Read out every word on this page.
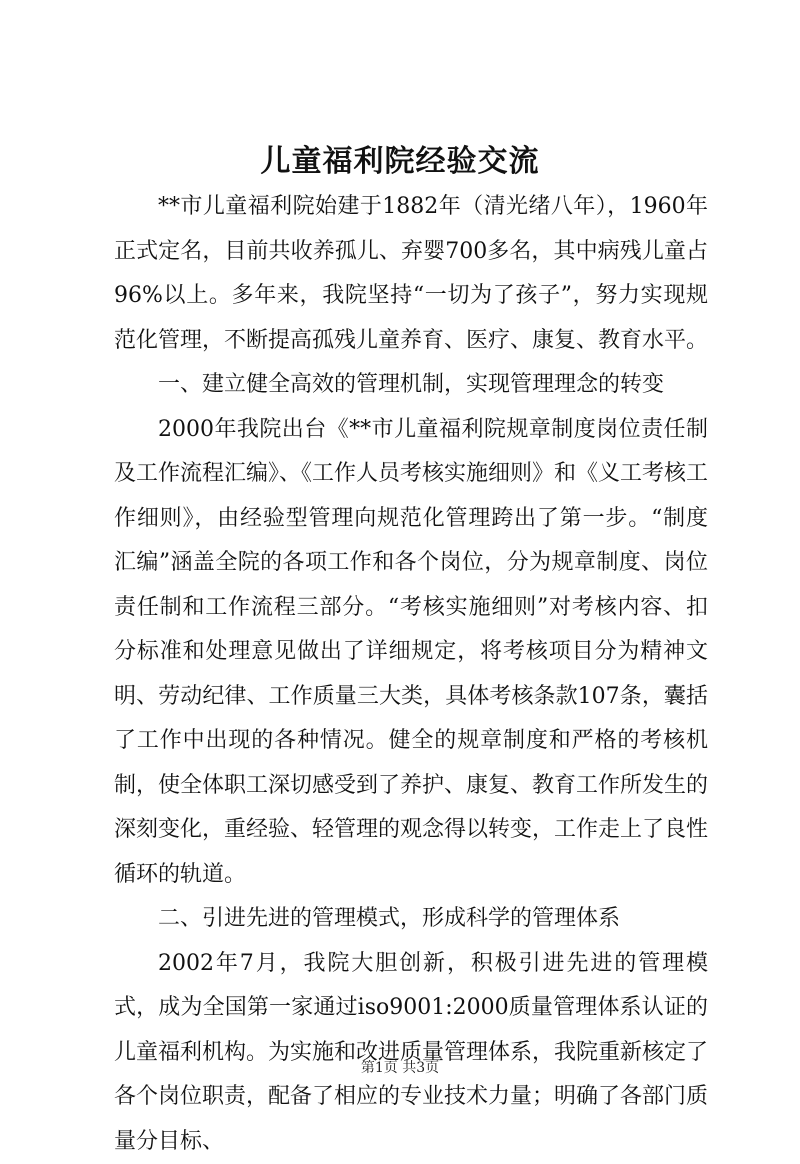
儿童福利院经验交流

**市儿童福利院始建于1882年（清光绪八年），1960年正式定名，目前共收养孤儿、弃婴700多名，其中病残儿童占96%以上。多年来，我院坚持“一切为了孩子”，努力实现规范化管理，不断提高孤残儿童养育、医疗、康复、教育水平。

一、建立健全高效的管理机制，实现管理理念的转变

2000年我院出台《**市儿童福利院规章制度岗位责任制及工作流程汇编》、《工作人员考核实施细则》和《义工考核工作细则》，由经验型管理向规范化管理跨出了第一步。“制度汇编”涵盖全院的各项工作和各个岗位，分为规章制度、岗位责任制和工作流程三部分。“考核实施细则”对考核内容、扣分标准和处理意见做出了详细规定，将考核项目分为精神文明、劳动纪律、工作质量三大类，具体考核条款107条，囊括了工作中出现的各种情况。健全的规章制度和严格的考核机制，使全体职工深切感受到了养护、康复、教育工作所发生的深刻变化，重经验、轻管理的观念得以转变，工作走上了良性循环的轨道。

二、引进先进的管理模式，形成科学的管理体系

2002年7月，我院大胆创新，积极引进先进的管理模式，成为全国第一家通过iso9001:2000质量管理体系认证的儿童福利机构。为实施和改进质量管理体系，我院重新核定了各个岗位职责，配备了相应的专业技术力量；明确了各部门质量分目标、

第1页 共3页
